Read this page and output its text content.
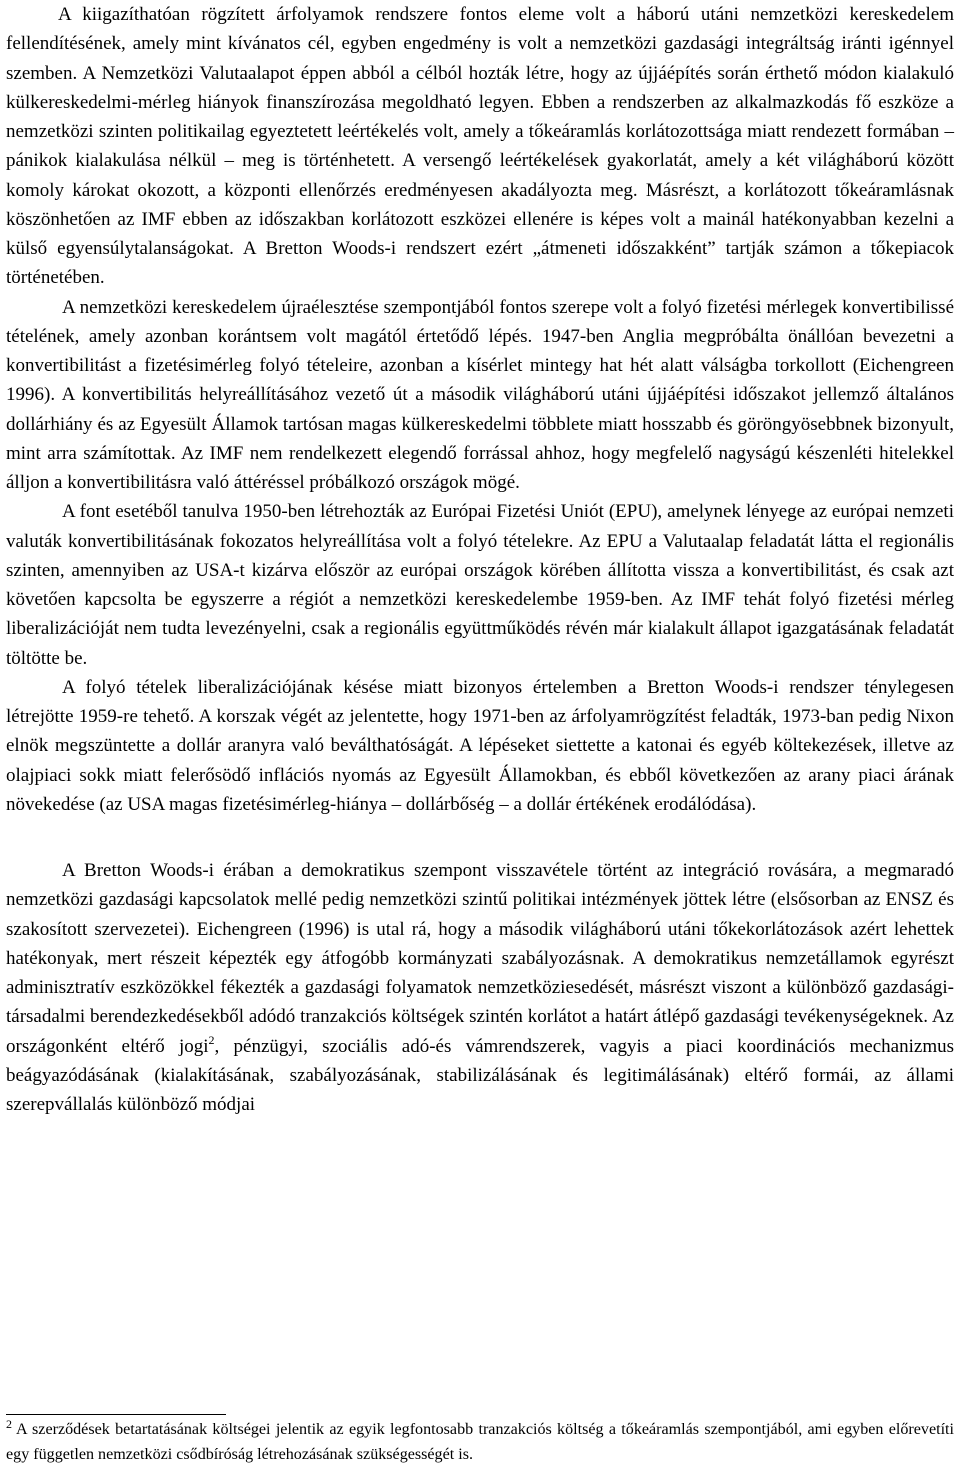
A kiigazíthatóan rögzített árfolyamok rendszere fontos eleme volt a háború utáni nemzetközi kereskedelem fellendítésének, amely mint kívánatos cél, egyben engedmény is volt a nemzetközi gazdasági integráltság iránti igénnyel szemben. A Nemzetközi Valutaalapot éppen abból a célból hozták létre, hogy az újjáépítés során érthető módon kialakuló külkereskedelmi-mérleg hiányok finanszírozása megoldható legyen. Ebben a rendszerben az alkalmazkodás fő eszköze a nemzetközi szinten politikailag egyeztetett leértékelés volt, amely a tőkeáramlás korlátozottsága miatt rendezett formában – pánikok kialakulása nélkül – meg is történhetett. A versengő leértékelések gyakorlatát, amely a két világháború között komoly károkat okozott, a központi ellenőrzés eredményesen akadályozta meg. Másrészt, a korlátozott tőkeáramlásnak köszönhetően az IMF ebben az időszakban korlátozott eszközei ellenére is képes volt a mainál hatékonyabban kezelni a külső egyensúlytalanságokat. A Bretton Woods-i rendszert ezért „átmeneti időszakként” tartják számon a tőkepiacok történetében.

A nemzetközi kereskedelem újraélesztése szempontjából fontos szerepe volt a folyó fizetési mérlegek konvertibilissé tételének, amely azonban korántsem volt magától értetődő lépés. 1947-ben Anglia megpróbálta önállóan bevezetni a konvertibilitást a fizetésimérleg folyó tételeire, azonban a kísérlet mintegy hat hét alatt válságba torkollott (Eichengreen 1996). A konvertibilitás helyreállításához vezető út a második világháború utáni újjáépítési időszakot jellemző általános dollárhiány és az Egyesült Államok tartósan magas külkereskedelmi többlete miatt hosszabb és göröngyösebbnek bizonyult, mint arra számítottak. Az IMF nem rendelkezett elegendő forrással ahhoz, hogy megfelelő nagyságú készenléti hitelekkel álljon a konvertibilitásra való áttéréssel próbálkozó országok mögé.

A font esetéből tanulva 1950-ben létrehozták az Európai Fizetési Uniót (EPU), amelynek lényege az európai nemzeti valuták konvertibilitásának fokozatos helyreállítása volt a folyó tételekre. Az EPU a Valutaalap feladatát látta el regionális szinten, amennyiben az USA-t kizárva először az európai országok körében állította vissza a konvertibilitást, és csak azt követően kapcsolta be egyszerre a régiót a nemzetközi kereskedelembe 1959-ben. Az IMF tehát folyó fizetési mérleg liberalizációját nem tudta levezényelni, csak a regionális együttműködés révén már kialakult állapot igazgatásának feladatát töltötte be.

A folyó tételek liberalizációjának késése miatt bizonyos értelemben a Bretton Woods-i rendszer ténylegesen létrejötte 1959-re tehető. A korszak végét az jelentette, hogy 1971-ben az árfolyamrögzítést feladták, 1973-ban pedig Nixon elnök megszüntette a dollár aranyra való beválthatóságát. A lépéseket siettette a katonai és egyéb költekezések, illetve az olajpiaci sokk miatt felerősödő inflációs nyomás az Egyesült Államokban, és ebből következően az arany piaci árának növekedése (az USA magas fizetésimérleg-hiánya – dollárbőség – a dollár értékének erodálódása).

A Bretton Woods-i érában a demokratikus szempont visszavétele történt az integráció rovására, a megmaradó nemzetközi gazdasági kapcsolatok mellé pedig nemzetközi szintű politikai intézmények jöttek létre (elsősorban az ENSZ és szakosított szervezetei). Eichengreen (1996) is utal rá, hogy a második világháború utáni tőkekorlátozások azért lehettek hatékonyak, mert részeit képezték egy átfogóbb kormányzati szabályozásnak. A demokratikus nemzetállamok egyrészt adminisztratív eszközökkel fékezték a gazdasági folyamatok nemzetköziesedését, másrészt viszont a különböző gazdasági-társadalmi berendezkedésekből adódó tranzakciós költségek szintén korlátot a határt átlépő gazdasági tevékenységeknek. Az országonként eltérő jogi$^2$, pénzügyi, szociális adó-és vámrendszerek, vagyis a piaci koordinációs mechanizmus beágyazódásának (kialakításának, szabályozásának, stabilizálásának és legitimálásának) eltérő formái, az állami szerepvállalás különböző módjai

$^2$ A szerződések betartatásának költségei jelentik az egyik legfontosabb tranzakciós költség a tőkeáramlás szempontjából, ami egyben előrevetíti egy független nemzetközi csődbíróság létrehozásának szükségességét is.
